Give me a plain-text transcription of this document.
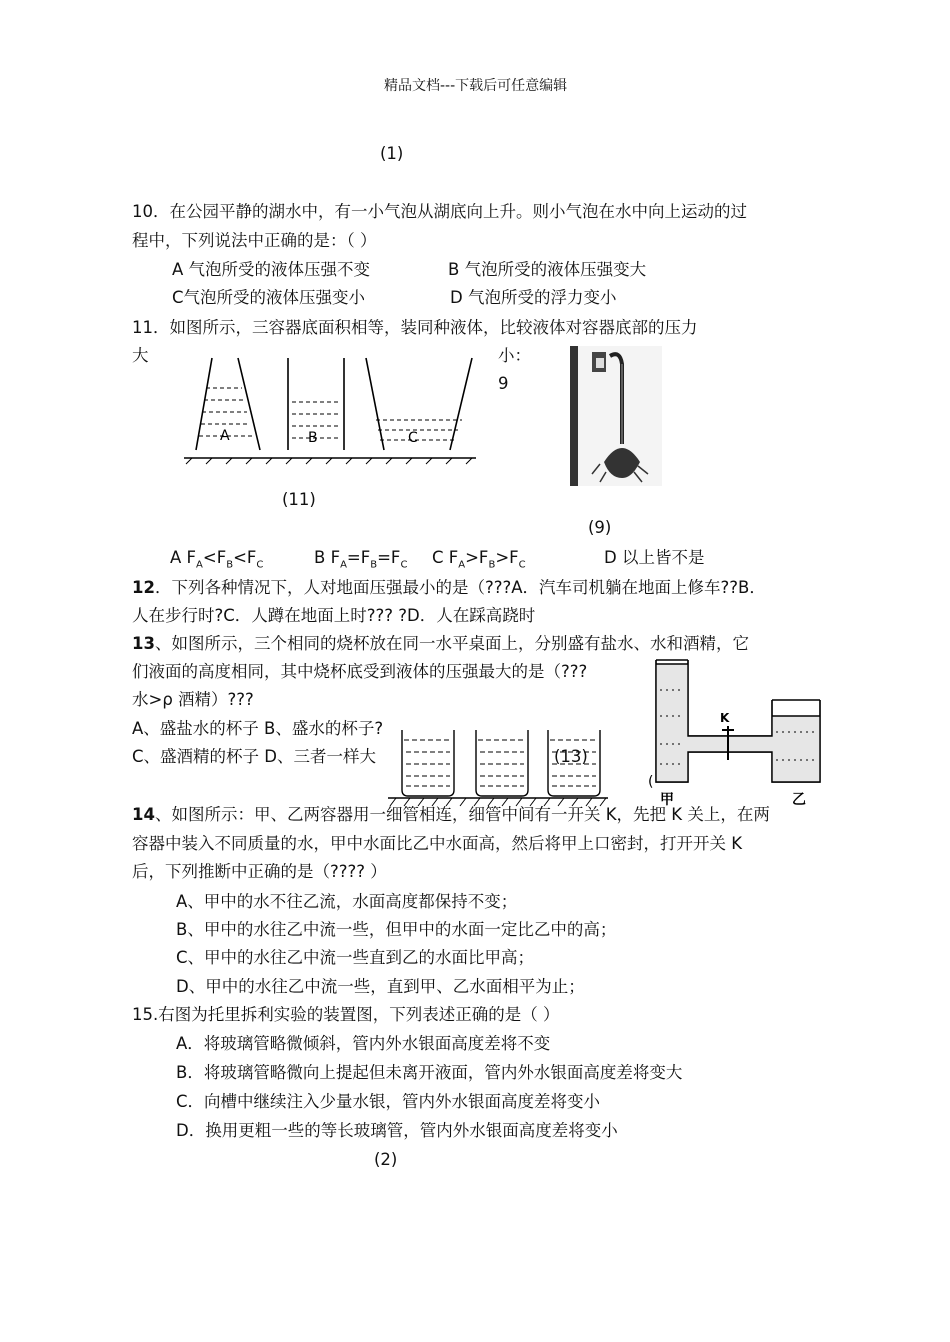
精品文档---下载后可任意编辑
(1)
10．在公园平静的湖水中，有一小气泡从湖底向上升。则小气泡在水中向上运动的过
程中，下列说法中正确的是：（ ）
A 气泡所受的液体压强不变	B 气泡所受的液体压强变大
C气泡所受的液体压强变小	D 气泡所受的浮力变小
11．如图所示，三容器底面积相等，装同种液体，比较液体对容器底部的压力
大	小：
9
A	B	C
(11)
(9)
A $F_A<F_B<F_C$	B $F_A=F_B=F_C$ C $F_A>F_B>F_C$	D 以上皆不是
12．下列各种情况下，人对地面压强最小的是（???A．汽车司机躺在地面上修车??B．
人在步行时?C．人蹲在地面上时??? ?D．人在踩高跷时
13、如图所示，三个相同的烧杯放在同一水平桌面上，分别盛有盐水、水和酒精，它
们液面的高度相同，其中烧杯底受到液体的压强最大的是（???
水>ρ 酒精）???
A、盛盐水的杯子 B、盛水的杯子?
C、盛酒精的杯子 D、三者一样大	(13)
K
(
甲	乙
14、如图所示：甲、乙两容器用一细管相连，细管中间有一开关 K，先把 K 关上，在两
容器中装入不同质量的水，甲中水面比乙中水面高，然后将甲上口密封，打开开关 K
后，下列推断中正确的是（???? ）
A、甲中的水不往乙流，水面高度都保持不变；
B、甲中的水往乙中流一些，但甲中的水面一定比乙中的高；
C、甲中的水往乙中流一些直到乙的水面比甲高；
D、甲中的水往乙中流一些，直到甲、乙水面相平为止；
15.右图为托里拆利实验的装置图，下列表述正确的是（ ）
A．将玻璃管略微倾斜，管内外水银面高度差将不变
B．将玻璃管略微向上提起但未离开液面，管内外水银面高度差将变大
C．向槽中继续注入少量水银，管内外水银面高度差将变小
D．换用更粗一些的等长玻璃管，管内外水银面高度差将变小
(2)
